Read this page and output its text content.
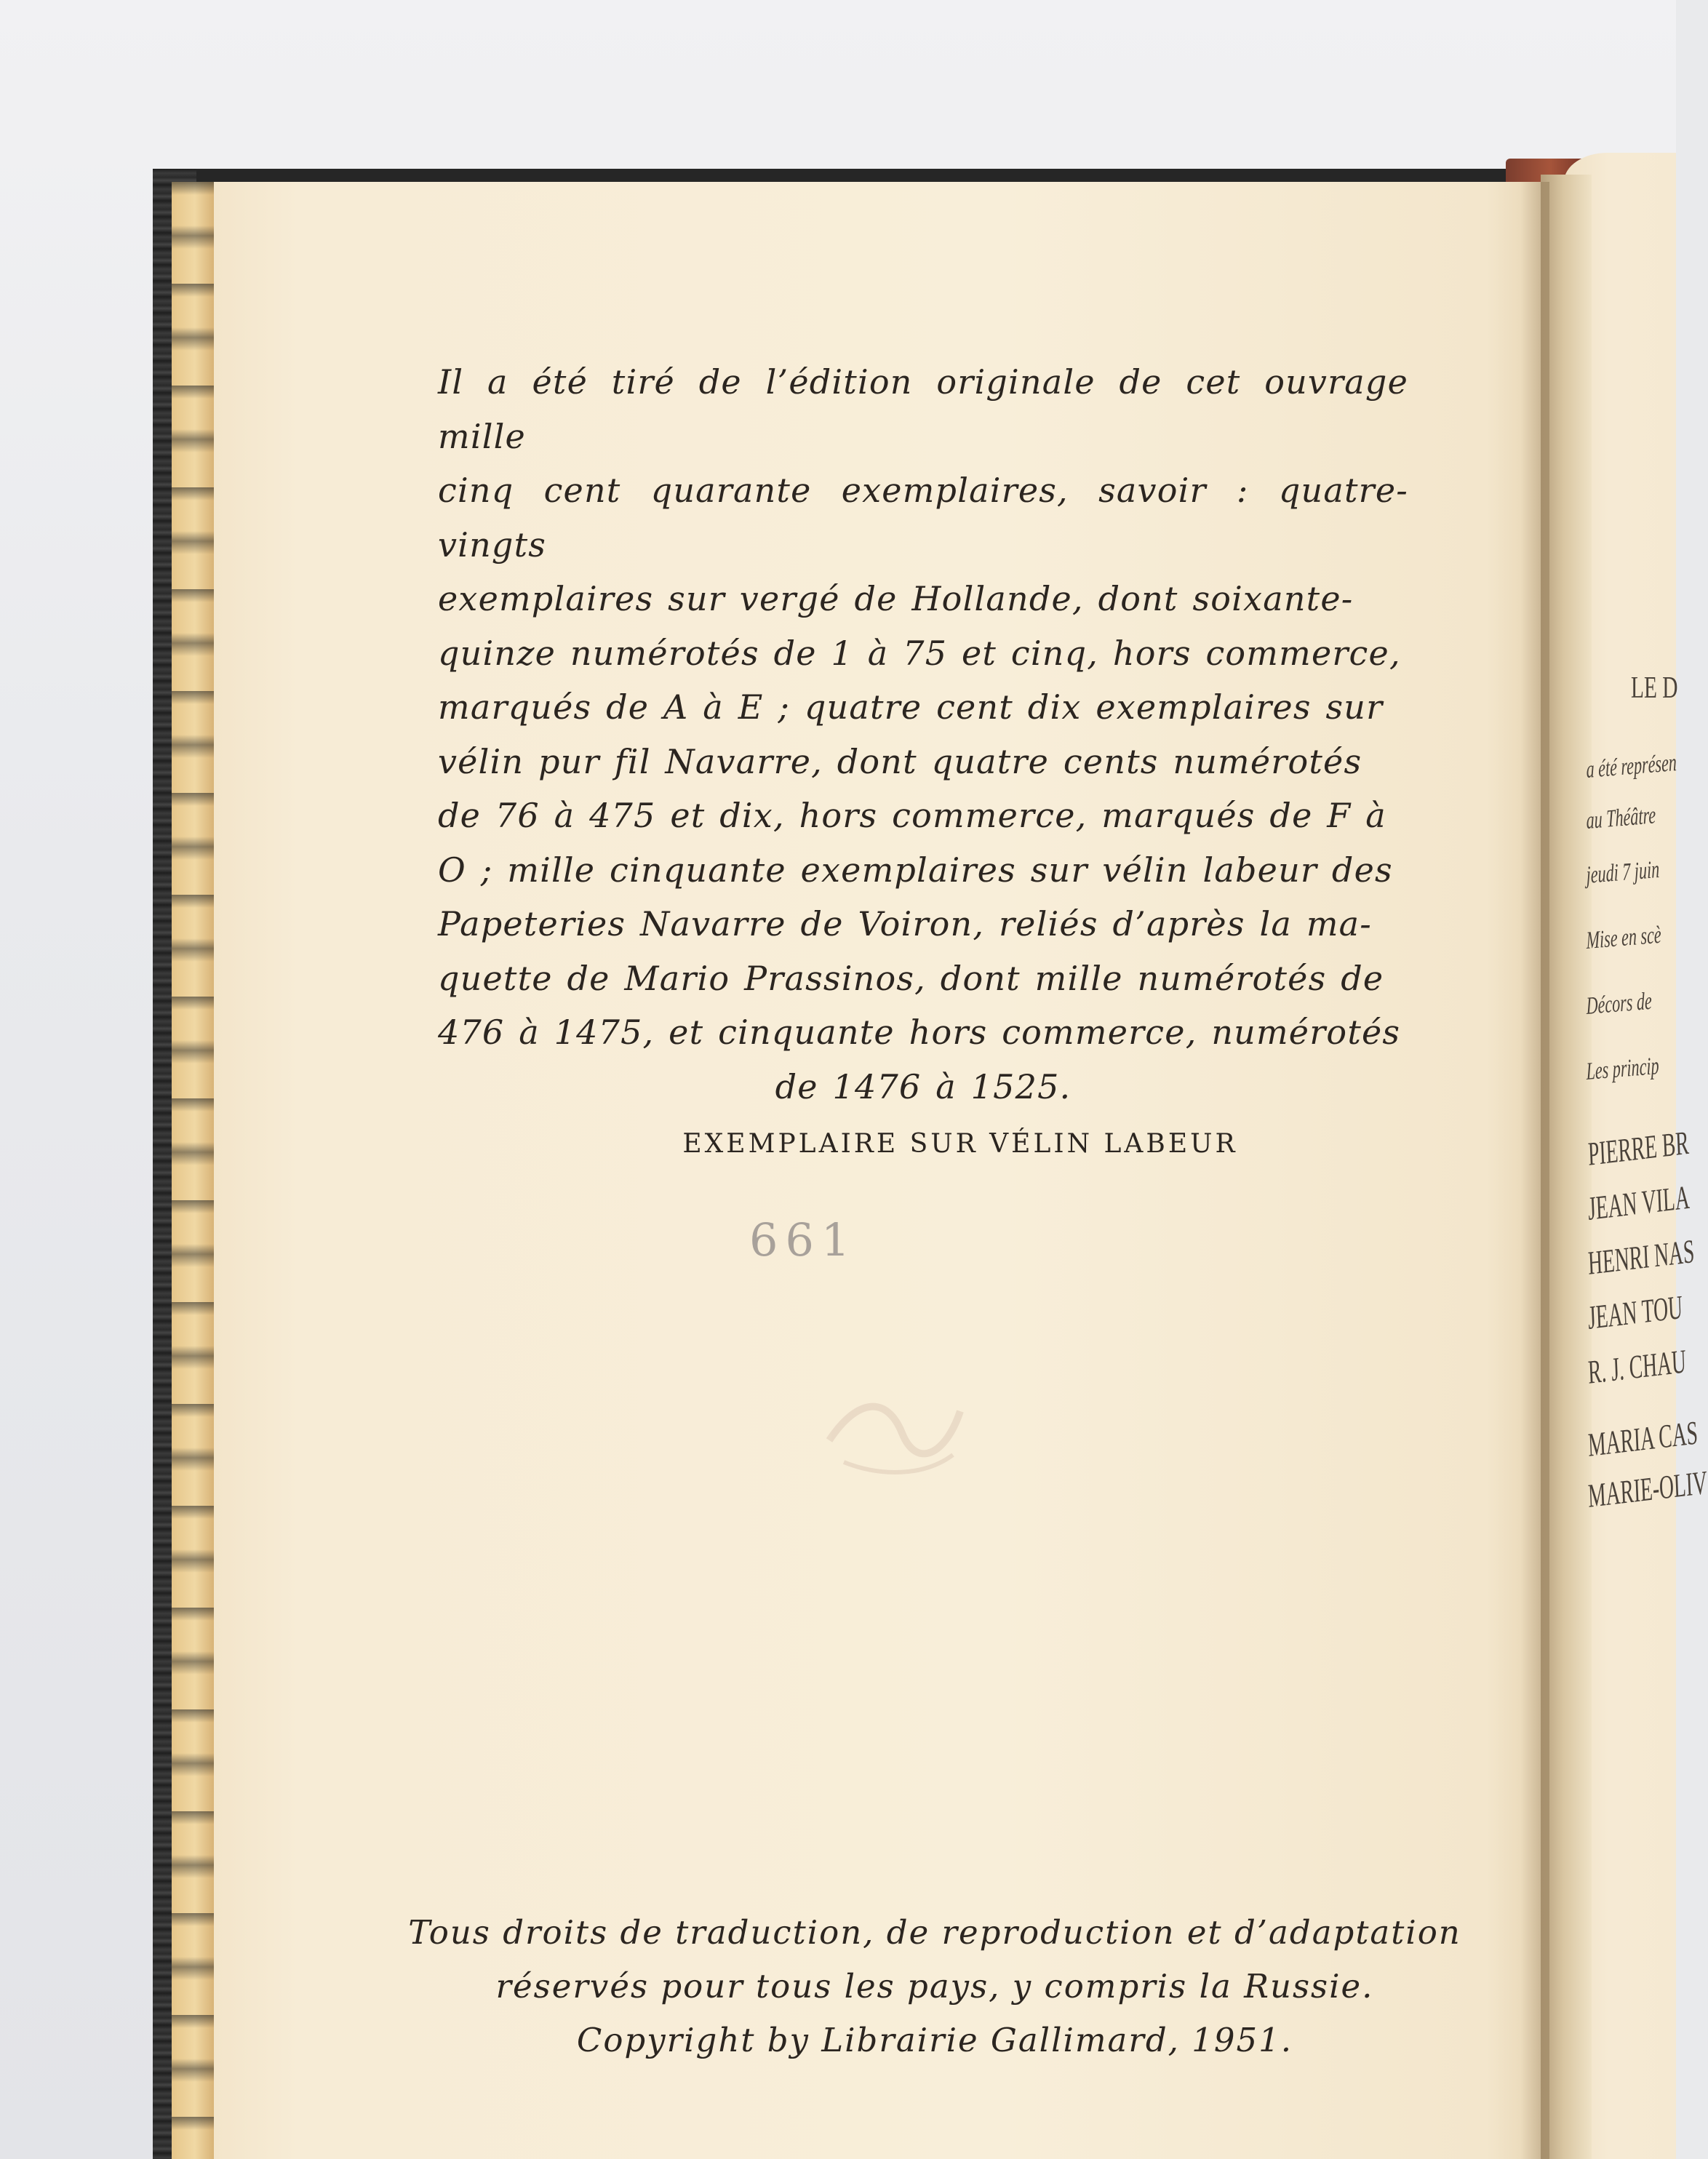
Il a été tiré de l’édition originale de cet ouvrage mille
cinq cent quarante exemplaires, savoir : quatre-vingts
exemplaires sur vergé de Hollande, dont soixante-
quinze numérotés de 1 à 75 et cinq, hors commerce,
marqués de A à E ; quatre cent dix exemplaires sur
vélin pur fil Navarre, dont quatre cents numérotés
de 76 à 475 et dix, hors commerce, marqués de F à
O ; mille cinquante exemplaires sur vélin labeur des
Papeteries Navarre de Voiron, reliés d’après la ma-
quette de Mario Prassinos, dont mille numérotés de
476 à 1475, et cinquante hors commerce, numérotés
de 1476 à 1525.
EXEMPLAIRE SUR VÉLIN LABEUR
661
Tous droits de traduction, de reproduction et d’adaptation
réservés pour tous les pays, y compris la Russie.
Copyright by Librairie Gallimard, 1951.
LE D
a été représen
au Théâtre
jeudi 7 juin
Mise en scè
Décors de
Les princip
PIERRE BR
JEAN VILA
HENRI NAS
JEAN TOU
R. J. CHAU
MARIA CAS
MARIE-OLIV
